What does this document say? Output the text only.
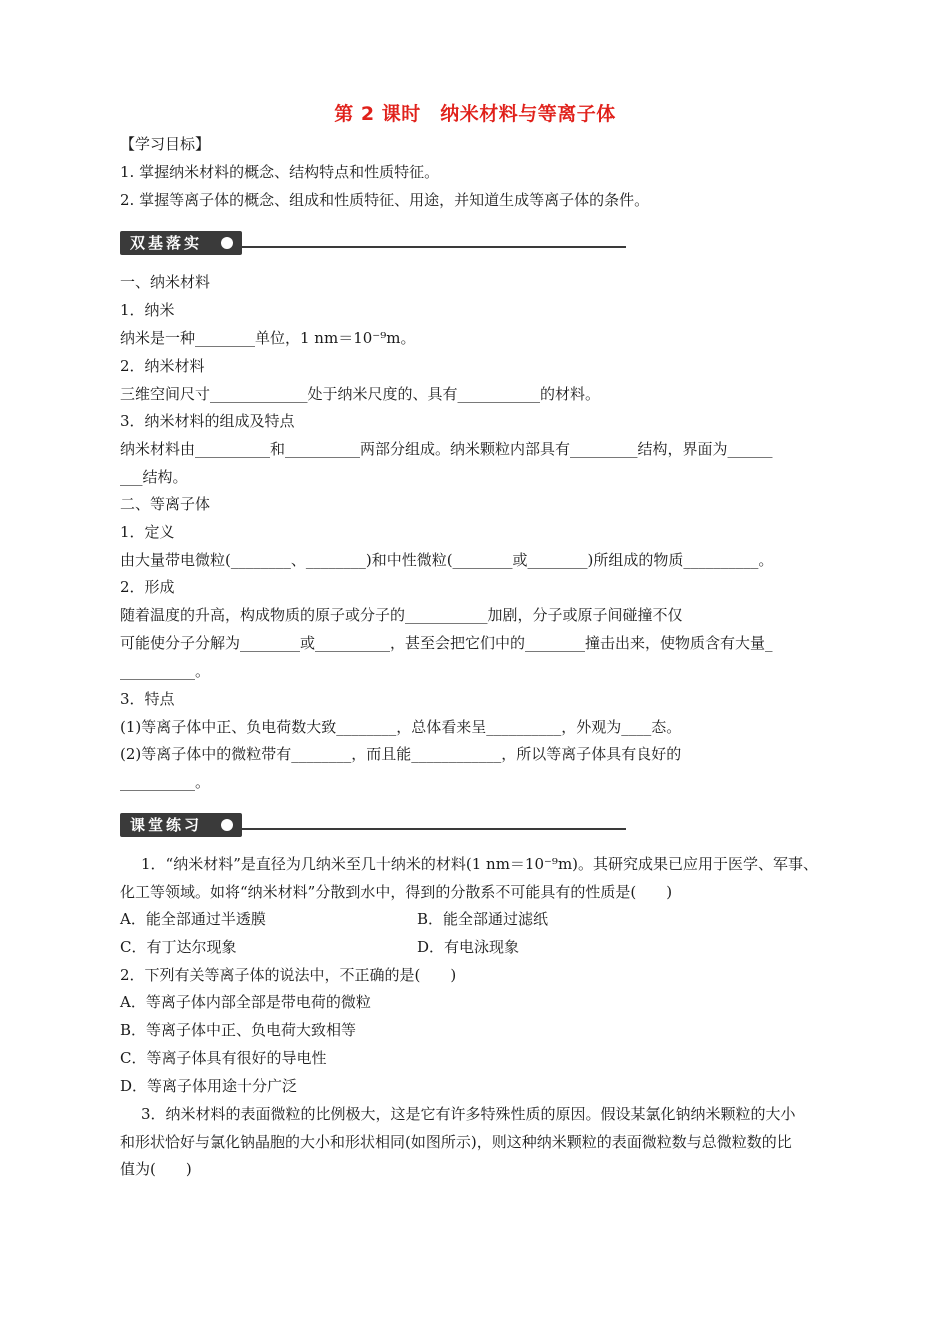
第 2 课时　纳米材料与等离子体
【学习目标】
1. 掌握纳米材料的概念、结构特点和性质特征。
2. 掌握等离子体的概念、组成和性质特征、用途，并知道生成等离子体的条件。
双基落实
一、纳米材料
1．纳米
纳米是一种________单位，1 nm＝10⁻⁹m。
2．纳米材料
三维空间尺寸_____________处于纳米尺度的、具有___________的材料。
3．纳米材料的组成及特点
纳米材料由__________和__________两部分组成。纳米颗粒内部具有_________结构，界面为______
___结构。
二、等离子体
1．定义
由大量带电微粒(________、________)和中性微粒(________或________)所组成的物质__________。
2．形成
随着温度的升高，构成物质的原子或分子的___________加剧，分子或原子间碰撞不仅
可能使分子分解为________或__________，甚至会把它们中的________撞击出来，使物质含有大量_
__________。
3．特点
(1)等离子体中正、负电荷数大致________，总体看来呈__________，外观为____态。
(2)等离子体中的微粒带有________，而且能____________，所以等离子体具有良好的
__________。
课堂练习
1．“纳米材料”是直径为几纳米至几十纳米的材料(1 nm＝10⁻⁹m)。其研究成果已应用于医学、军事、
化工等领域。如将“纳米材料”分散到水中，得到的分散系不可能具有的性质是(　　)
A．能全部通过半透膜	B．能全部通过滤纸
C．有丁达尔现象	D．有电泳现象
2．下列有关等离子体的说法中，不正确的是(　　)
A．等离子体内部全部是带电荷的微粒
B．等离子体中正、负电荷大致相等
C．等离子体具有很好的导电性
D．等离子体用途十分广泛
3．纳米材料的表面微粒的比例极大，这是它有许多特殊性质的原因。假设某氯化钠纳米颗粒的大小
和形状恰好与氯化钠晶胞的大小和形状相同(如图所示)，则这种纳米颗粒的表面微粒数与总微粒数的比
值为(　　)
